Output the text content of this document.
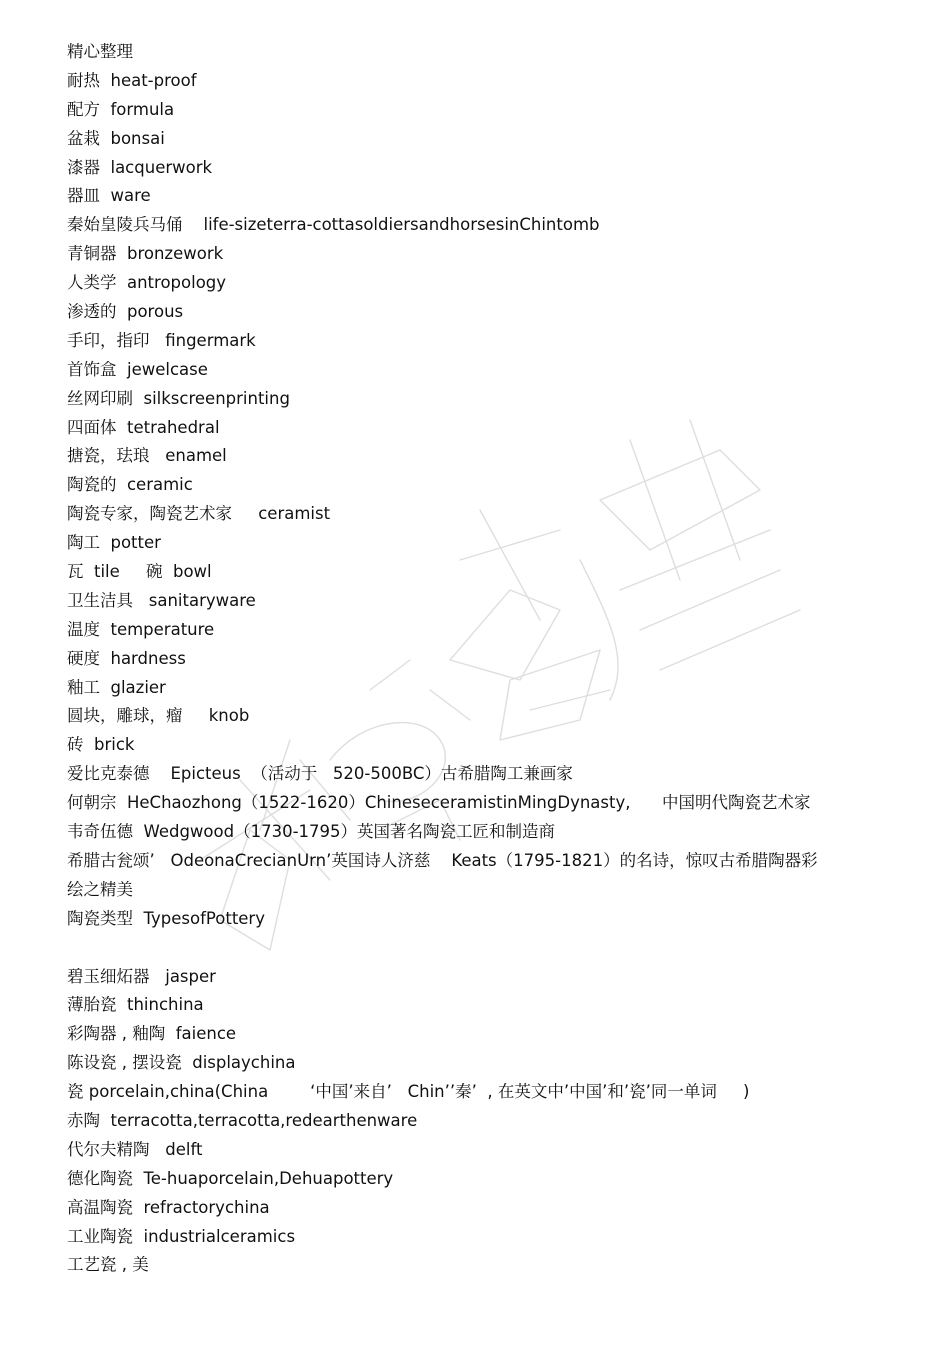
精心整理
耐热  heat-proof
配方  formula
盆栽  bonsai
漆器  lacquerwork
器皿  ware
秦始皇陵兵马俑    life-sizeterra-cottasoldiersandhorsesinChintomb
青铜器  bronzework
人类学  antropology
渗透的  porous
手印，指印   fingermark
首饰盒  jewelcase
丝网印刷  silkscreenprinting
四面体  tetrahedral
搪瓷，珐琅   enamel
陶瓷的  ceramic
陶瓷专家，陶瓷艺术家     ceramist
陶工  potter
瓦  tile     碗  bowl
卫生洁具   sanitaryware
温度  temperature
硬度  hardness
釉工  glazier
圆块，雕球，瘤     knob
砖  brick
爱比克泰德    Epicteus  （活动于   520-500BC）古希腊陶工兼画家
何朝宗  HeChaozhong（1522-1620）ChineseceramistinMingDynasty,      中国明代陶瓷艺术家
韦奇伍德  Wedgwood（1730-1795）英国著名陶瓷工匠和制造商
希腊古瓮颂’   OdeonaCrecianUrn’英国诗人济慈    Keats（1795-1821）的名诗，惊叹古希腊陶器彩
绘之精美
陶瓷类型  TypesofPottery
碧玉细炻器   jasper
薄胎瓷  thinchina
彩陶器 , 釉陶  faience
陈设瓷 , 摆设瓷  displaychina
瓷 porcelain,china(China        ‘中国’来自’   Chin’’秦’  , 在英文中’中国’和’瓷’同一单词     )
赤陶  terracotta,terracotta,redearthenware
代尔夫精陶   delft
德化陶瓷  Te-huaporcelain,Dehuapottery
高温陶瓷  refractorychina
工业陶瓷  industrialceramics
工艺瓷 , 美
